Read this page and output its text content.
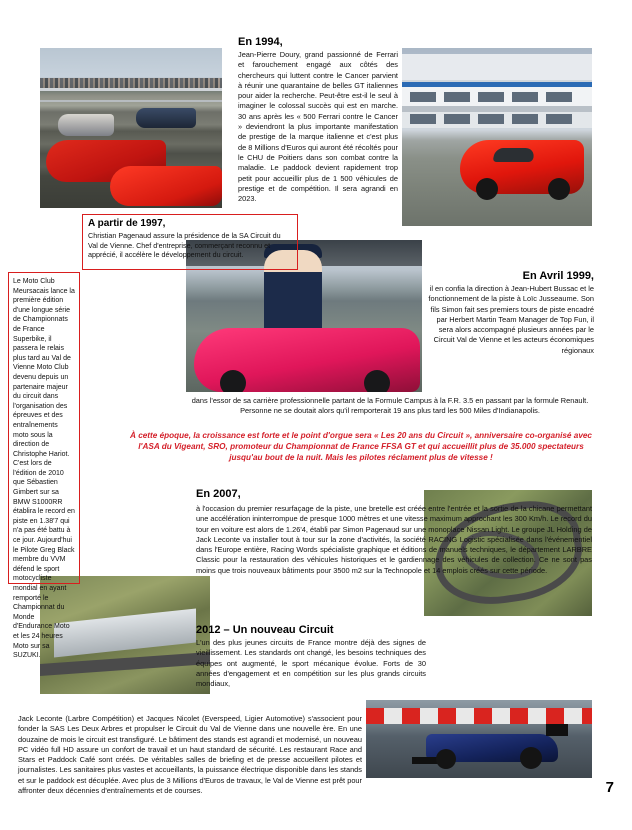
En 1994,
Jean-Pierre Doury, grand passionné de Ferrari et farouchement engagé aux côtés des chercheurs qui luttent contre le Cancer parvient à réunir une quarantaine de belles GT italiennes pour aider la recherche. Peut-être est-il le seul à imaginer le colossal succès qui est en marche. 30 ans après les « 500 Ferrari contre le Cancer » deviendront la plus importante manifestation de prestige de la marque italienne et c'est plus de 8 Millions d'Euros qui auront été récoltés pour le CHU de Poitiers dans son combat contre la maladie. Le paddock devient rapidement trop petit pour accueillir plus de 1 500 véhicules de prestige et de compétition. Il sera agrandi en 2023.
A partir de 1997,
Christian Pagenaud assure la présidence de la SA Circuit du Val de Vienne. Chef d'entreprise, commerçant reconnu et apprécié, il accélère le développement du circuit.
Le Moto Club Meursacais lance la première édition d'une longue série de Championnats de France Superbike, il passera le relais plus tard au Val de Vienne Moto Club devenu depuis un partenaire majeur du circuit dans l'organisation des épreuves et des entraînements moto sous la direction de Christophe Hariot. C'est lors de l'édition de 2010 que Sébastien Gimbert sur sa BMW S1000RR établira le record en piste en 1.38'7 qui n'a pas été battu à ce jour. Aujourd'hui le Pilote Greg Black membre du VVM défend le sport motocycliste mondial en ayant remporté le Championnat du Monde d'Endurance Moto et les 24 heures Moto sur sa SUZUKI.
En Avril 1999,
il en confia la direction à Jean-Hubert Bussac et le fonctionnement de la piste à Loïc Jusseaume. Son fils Simon fait ses premiers tours de piste encadré par Herbert Martin Team Manager de Top Fun, il sera alors accompagné plusieurs années par le Circuit Val de Vienne et les acteurs économiques régionaux
dans l'essor de sa carrière professionnelle partant de la Formule Campus à la F.R. 3.5 en passant par la formule Renault. Personne ne se doutait alors qu'il remporterait 19 ans plus tard les 500 Miles d'Indianapolis.
À cette époque, la croissance est forte et le point d'orgue sera « Les 20 ans du Circuit », anniversaire co-organisé avec l'ASA du Vigeant, SRO, promoteur du Championnat de France FFSA GT et qui accueillit plus de 35.000 spectateurs jusqu'au bout de la nuit. Mais les pilotes réclament plus de vitesse !
En 2007,
à l'occasion du premier resurfaçage de la piste, une bretelle est créée entre l'entrée et la sortie de la chicane permettant une accélération ininterrompue de presque 1000 mètres et une vitesse maximum approchant les 300 Km/h. Le record du tour en voiture est alors de 1.26'4, établi par Simon Pagenaud sur une monoplace Nissan Light. Le groupe JL Holding de Jack Leconte va installer tout à tour sur la zone d'activités, la société RACING Logistic spécialisée dans l'événementiel dans l'Europe entière, Racing Words spécialiste graphique et éditions de manuels techniques, le département LARBRE Classic pour la restauration des véhicules historiques et le gardiennage des véhicules de collection. Ce ne sont pas moins que trois nouveaux bâtiments pour 3500 m2 sur la Technopole et 14 emplois créés sur cette période.
2012 – Un nouveau Circuit
L'un des plus jeunes circuits de France montre déjà des signes de vieillissement. Les standards ont changé, les besoins techniques des équipes ont augmenté, le sport mécanique évolue. Forts de 30 années d'engagement et en compétition sur les plus grands circuits mondiaux,
Jack Leconte (Larbre Compétition) et Jacques Nicolet (Everspeed, Ligier Automotive) s'associent pour fonder la SAS Les Deux Arbres et propulser le Circuit du Val de Vienne dans une nouvelle ère. En une douzaine de mois le circuit est transfiguré. Le bâtiment des stands est agrandi et modernisé, un nouveau PC vidéo full HD assure un confort de travail et un haut standard de sécurité. Les restaurant Race and Stars et Paddock Café sont créés. De véritables salles de briefing et de presse accueillent pilotes et journalistes. Les sanitaires plus vastes et accueillants, la puissance électrique disponible dans les stands et sur le paddock est décuplée. Avec plus de 3 Millions d'Euros de travaux, le Val de Vienne est prêt pour affronter deux décennies d'entraînements et de courses.	7
